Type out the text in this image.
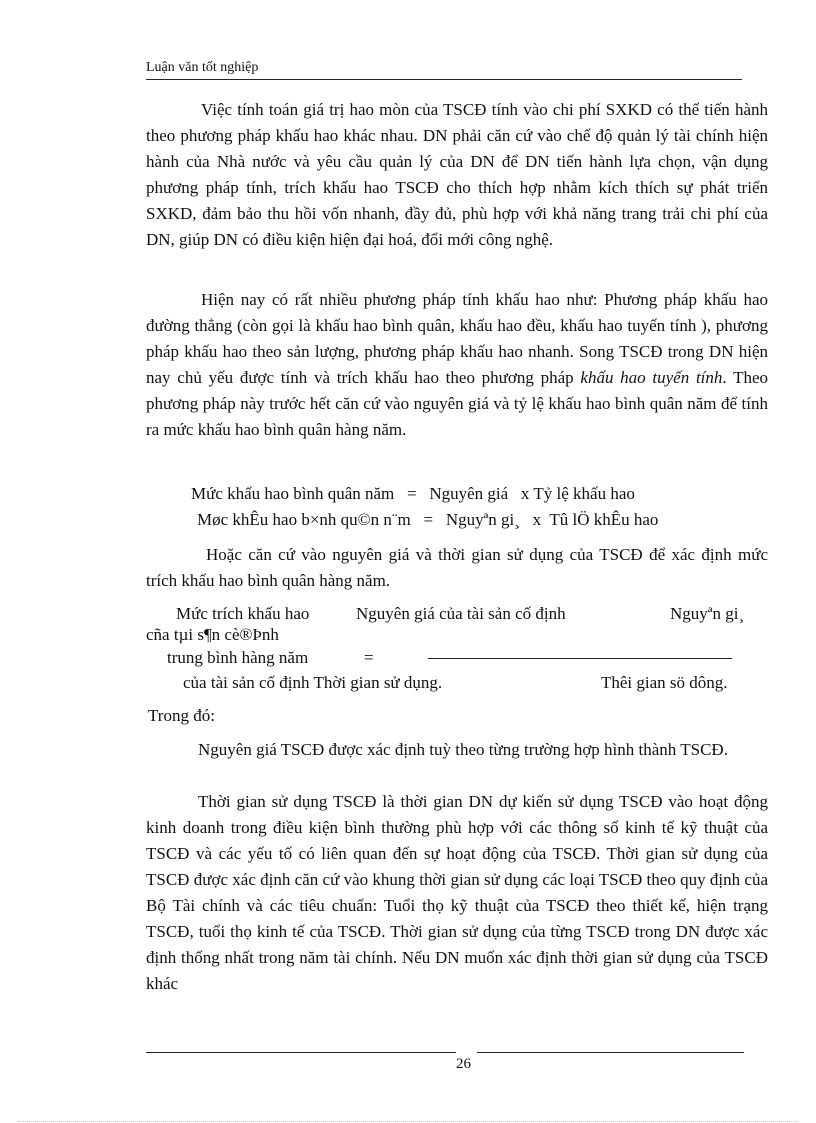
Luận văn tốt nghiệp

Việc tính toán giá trị hao mòn của TSCĐ tính vào chi phí SXKD có thể tiến hành theo phương pháp khấu hao khác nhau. DN phải căn cứ vào chế độ quản lý tài chính hiện hành của Nhà nước và yêu cầu quản lý của DN để DN tiến hành lựa chọn, vận dụng phương pháp tính, trích khấu hao TSCĐ cho thích hợp nhằm kích thích sự phát triển SXKD, đảm bảo thu hồi vốn nhanh, đầy đủ, phù hợp với khả năng trang trải chi phí của DN, giúp DN có điều kiện hiện đại hoá, đổi mới công nghệ.

Hiện nay có rất nhiều phương pháp tính khấu hao như: Phương pháp khấu hao đường thẳng (còn gọi là khấu hao bình quân, khấu hao đều, khấu hao tuyến tính ), phương pháp khấu hao theo sản lượng, phương pháp khấu hao nhanh. Song TSCĐ trong DN hiện nay chủ yếu được tính và trích khấu hao theo phương pháp khấu hao tuyến tính. Theo phương pháp này trước hết căn cứ vào nguyên giá và tỷ lệ khấu hao bình quân năm để tính ra mức khấu hao bình quân hàng năm.

Mức khấu hao bình quân năm   =   Nguyên giá   x Tỷ lệ khấu hao
Møc khÊu hao b×nh qu©n n¨m   =   Nguyªn gi¸   x  Tû lÖ khÊu hao

Hoặc căn cứ vào nguyên giá và thời gian sử dụng của TSCĐ để xác định mức trích khấu hao bình quân hàng năm.

Mức trích khấu hao	Nguyên giá của tài sản cố định	Nguyªn gi¸
cña tµi s¶n cè®Þnh
trung bình hàng năm	=
của tài sản cố định Thời gian sử dụng.	Thêi gian sö dông.
Trong đó:

Nguyên giá TSCĐ được xác định tuỳ theo từng trường hợp hình thành TSCĐ.

Thời gian sử dụng TSCĐ là thời gian DN dự kiến sử dụng TSCĐ vào hoạt động kinh doanh trong điều kiện bình thường phù hợp với các thông số kinh tế kỹ thuật của TSCĐ và các yếu tố có liên quan đến sự hoạt động của TSCĐ. Thời gian sử dụng của TSCĐ được xác định căn cứ vào khung thời gian sử dụng các loại TSCĐ theo quy định của Bộ Tài chính và các tiêu chuẩn: Tuổi thọ kỹ thuật của TSCĐ theo thiết kế, hiện trạng TSCĐ, tuổi thọ kinh tế của TSCĐ. Thời gian sử dụng của từng TSCĐ trong DN được xác định thống nhất trong năm tài chính. Nếu DN muốn xác định thời gian sử dụng của TSCĐ khác

26
